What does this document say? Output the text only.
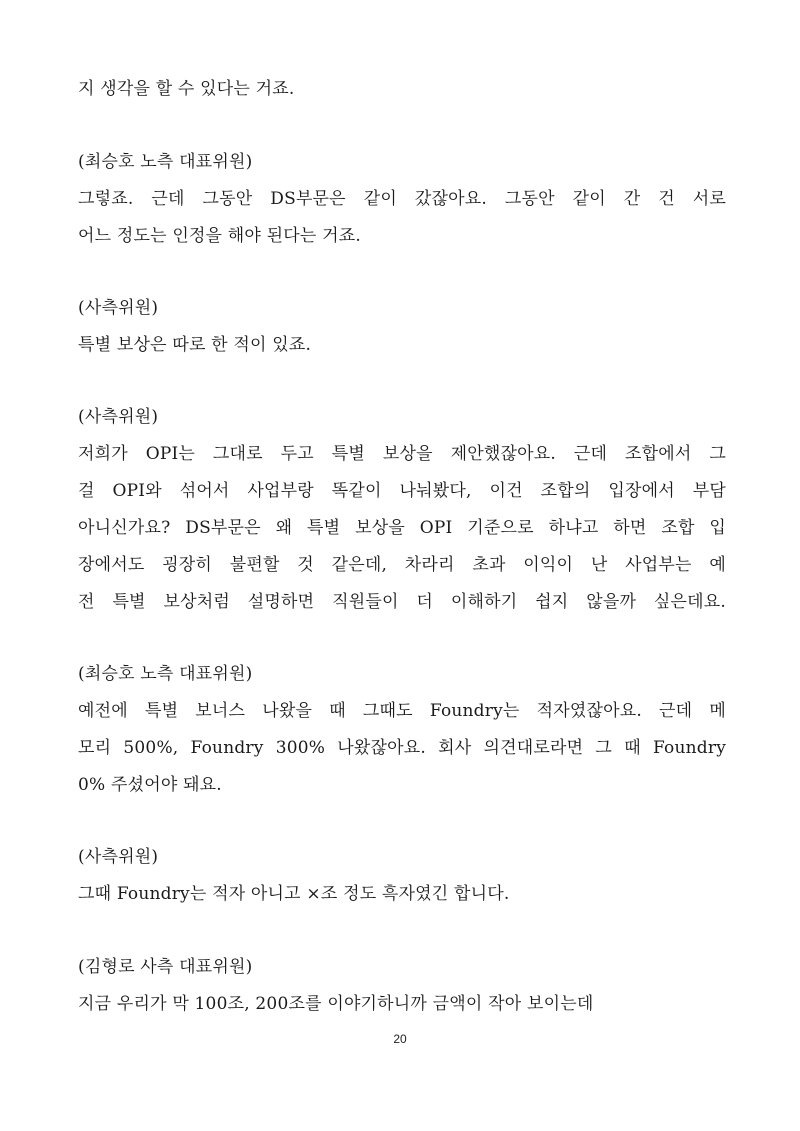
지 생각을 할 수 있다는 거죠.
(최승호 노측 대표위원)
그렇죠. 근데 그동안 DS부문은 같이 갔잖아요. 그동안 같이 간 건 서로
어느 정도는 인정을 해야 된다는 거죠.
(사측위원)
특별 보상은 따로 한 적이 있죠.
(사측위원)
저희가 OPI는 그대로 두고 특별 보상을 제안했잖아요. 근데 조합에서 그
걸 OPI와 섞어서 사업부랑 똑같이 나눠봤다, 이건 조합의 입장에서 부담
아니신가요? DS부문은 왜 특별 보상을 OPI 기준으로 하냐고 하면 조합 입
장에서도 굉장히 불편할 것 같은데, 차라리 초과 이익이 난 사업부는 예
전 특별 보상처럼 설명하면 직원들이 더 이해하기 쉽지 않을까 싶은데요.
(최승호 노측 대표위원)
예전에 특별 보너스 나왔을 때 그때도 Foundry는 적자였잖아요. 근데 메
모리 500%, Foundry 300% 나왔잖아요. 회사 의견대로라면 그 때 Foundry
0% 주셨어야 돼요.
(사측위원)
그때 Foundry는 적자 아니고 ×조 정도 흑자였긴 합니다.
(김형로 사측 대표위원)
지금 우리가 막 100조, 200조를 이야기하니까 금액이 작아 보이는데
20
